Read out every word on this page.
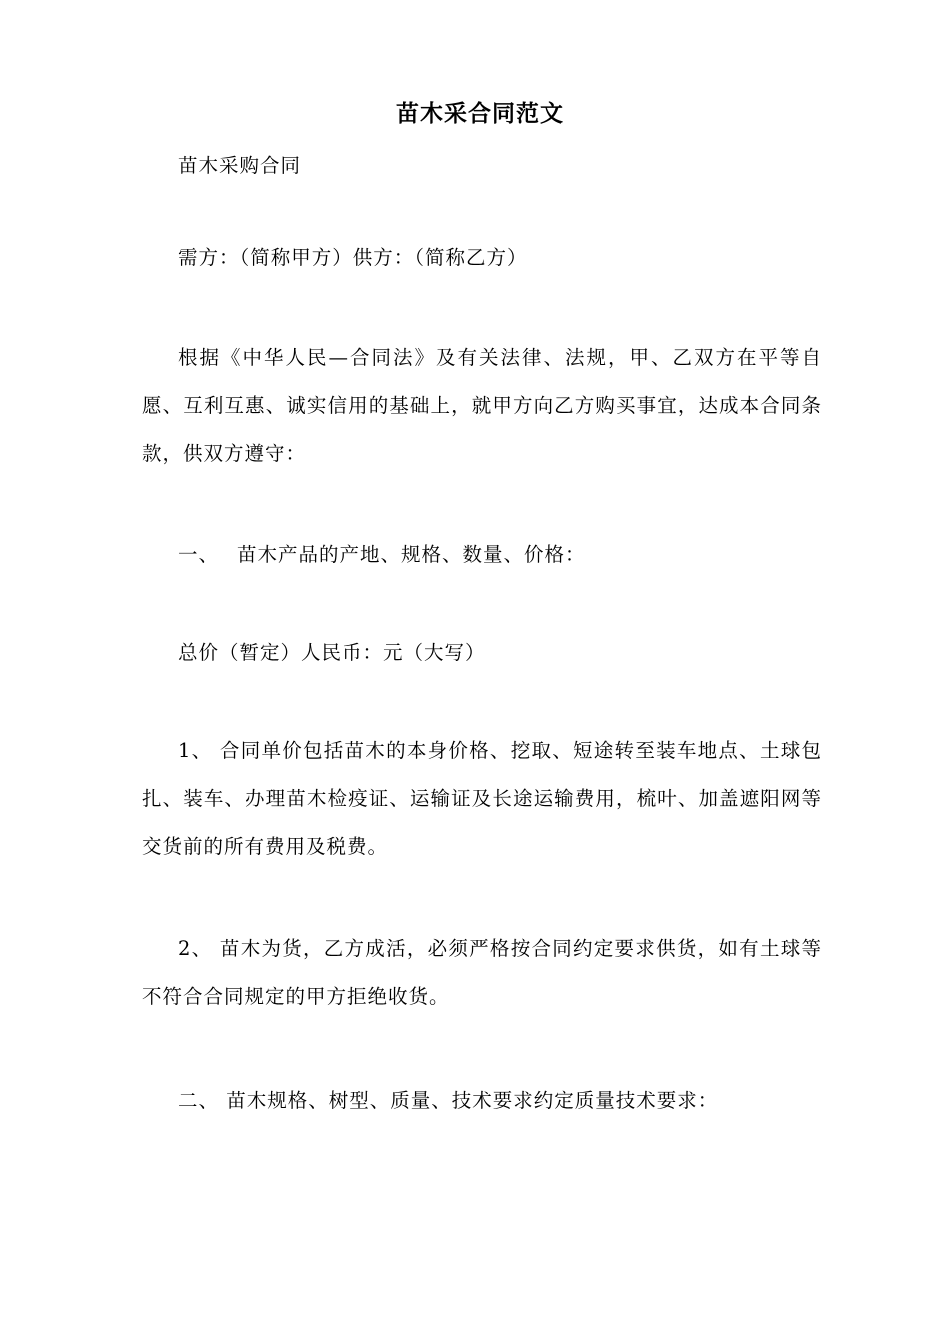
苗木采合同范文

苗木采购合同

需方：（简称甲方）供方：（简称乙方）

根据《中华人民—合同法》及有关法律、法规，甲、乙双方在平等自愿、互利互惠、诚实信用的基础上，就甲方向乙方购买事宜，达成本合同条款，供双方遵守：

一、　 苗木产品的产地、规格、数量、价格：

总价（暂定）人民币：元（大写）

1、 合同单价包括苗木的本身价格、挖取、短途转至装车地点、土球包扎、装车、办理苗木检疫证、运输证及长途运输费用，梳叶、加盖遮阳网等交货前的所有费用及税费。

2、 苗木为货，乙方成活，必须严格按合同约定要求供货，如有土球等不符合合同规定的甲方拒绝收货。

二、 苗木规格、树型、质量、技术要求约定质量技术要求：
